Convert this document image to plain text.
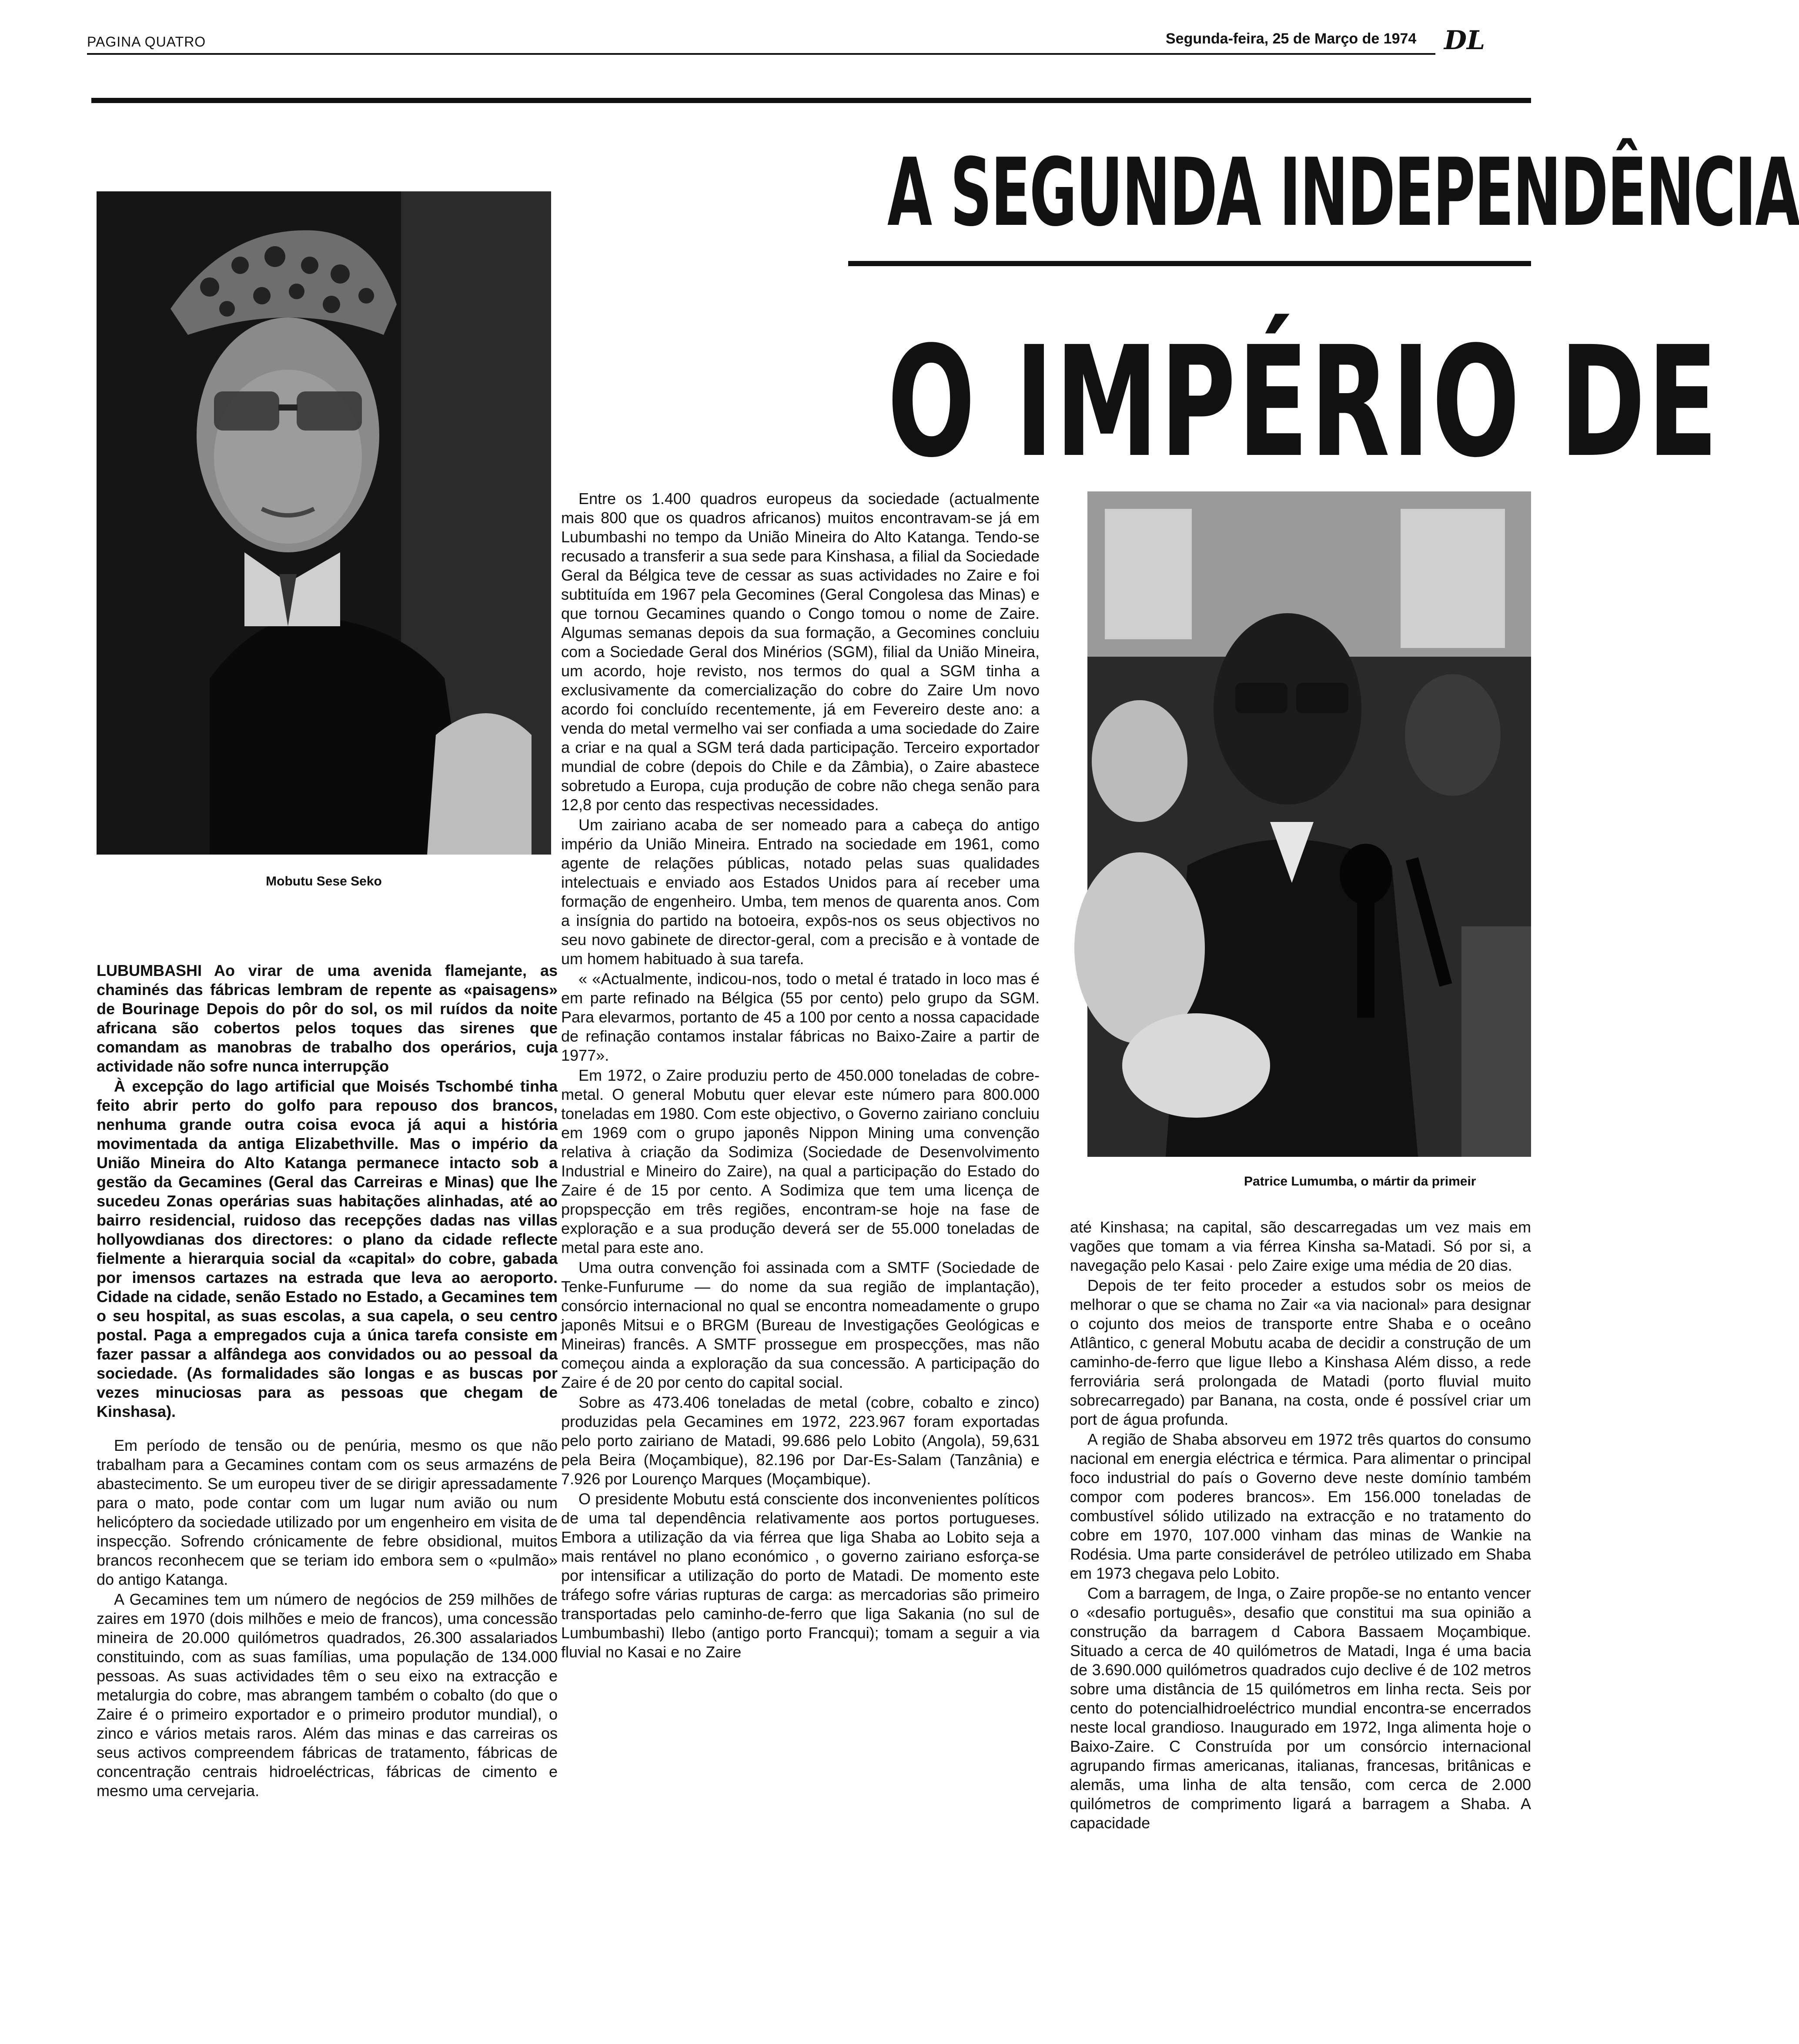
PAGINA QUATRO	Segunda-feira, 25 de Março de 1974 DL
A SEGUNDA INDEPENDÊNCIA
O IMPÉRIO DE
Mobutu Sese Seko
Patrice Lumumba, o mártir da primeir

LUBUMBASHI Ao virar de uma avenida flamejante, as chaminés das fábricas lembram de repente as «paisagens» de Bourinage Depois do pôr do sol, os mil ruídos da noite africana são cobertos pelos toques das sirenes que comandam as manobras de trabalho dos operários, cuja actividade não sofre nunca interrupção

À excepção do lago artificial que Moisés Tschombé tinha feito abrir perto do golfo para repouso dos brancos, nenhuma grande outra coisa evoca já aqui a história movimentada da antiga Elizabethville. Mas o império da União Mineira do Alto Katanga permanece intacto sob a gestão da Gecamines (Geral das Carreiras e Minas) que lhe sucedeu Zonas operárias suas habitações alinhadas, até ao bairro residencial, ruidoso das recepções dadas nas villas hollyowdianas dos directores: o plano da cidade reflecte fielmente a hierarquia social da «capital» do cobre, gabada por imensos cartazes na estrada que leva ao aeroporto. Cidade na cidade, senão Estado no Estado, a Gecamines tem o seu hospital, as suas escolas, a sua capela, o seu centro postal. Paga a empregados cuja a única tarefa consiste em fazer passar a alfândega aos convidados ou ao pessoal da sociedade. (As formalidades são longas e as buscas por vezes minuciosas para as pessoas que chegam de Kinshasa).

Em período de tensão ou de penúria, mesmo os que não trabalham para a Gecamines contam com os seus armazéns de abastecimento. Se um europeu tiver de se dirigir apressadamente para o mato, pode contar com um lugar num avião ou num helicóptero da sociedade utilizado por um engenheiro em visita de inspecção. Sofrendo crónicamente de febre obsidional, muitos brancos reconhecem que se teriam ido embora sem o «pulmão» do antigo Katanga.

A Gecamines tem um número de negócios de 259 milhões de zaires em 1970 (dois milhões e meio de francos), uma concessão mineira de 20.000 quilómetros quadrados, 26.300 assalariados constituindo, com as suas famílias, uma população de 134.000 pessoas. As suas actividades têm o seu eixo na extracção e metalurgia do cobre, mas abrangem também o cobalto (do que o Zaire é o primeiro exportador e o primeiro produtor mundial), o zinco e vários metais raros. Além das minas e das carreiras os seus activos compreendem fábricas de tratamento, fábricas de concentração centrais hidroeléctricas, fábricas de cimento e mesmo uma cervejaria.

Entre os 1.400 quadros europeus da sociedade (actualmente mais 800 que os quadros africanos) muitos encontravam-se já em Lubumbashi no tempo da União Mineira do Alto Katanga. Tendo-se recusado a transferir a sua sede para Kinshasa, a filial da Sociedade Geral da Bélgica teve de cessar as suas actividades no Zaire e foi subtituída em 1967 pela Gecomines (Geral Congolesa das Minas) e que tornou Gecamines quando o Congo tomou o nome de Zaire. Algumas semanas depois da sua formação, a Gecomines concluiu com a Sociedade Geral dos Minérios (SGM), filial da União Mineira, um acordo, hoje revisto, nos termos do qual a SGM tinha a exclusivamente da comercialização do cobre do Zaire Um novo acordo foi concluído recentemente, já em Fevereiro deste ano: a venda do metal vermelho vai ser confiada a uma sociedade do Zaire a criar e na qual a SGM terá dada participação. Terceiro exportador mundial de cobre (depois do Chile e da Zâmbia), o Zaire abastece sobretudo a Europa, cuja produção de cobre não chega senão para 12,8 por cento das respectivas necessidades.

Um zairiano acaba de ser nomeado para a cabeça do antigo império da União Mineira. Entrado na sociedade em 1961, como agente de relações públicas, notado pelas suas qualidades intelectuais e enviado aos Estados Unidos para aí receber uma formação de engenheiro. Umba, tem menos de quarenta anos. Com a insígnia do partido na botoeira, expôs-nos os seus objectivos no seu novo gabinete de director-geral, com a precisão e à vontade de um homem habituado à sua tarefa.

« «Actualmente, indicou-nos, todo o metal é tratado in loco mas é em parte refinado na Bélgica (55 por cento) pelo grupo da SGM. Para elevarmos, portanto de 45 a 100 por cento a nossa capacidade de refinação contamos instalar fábricas no Baixo-Zaire a partir de 1977».

Em 1972, o Zaire produziu perto de 450.000 toneladas de cobre-metal. O general Mobutu quer elevar este número para 800.000 toneladas em 1980. Com este objectivo, o Governo zairiano concluiu em 1969 com o grupo japonês Nippon Mining uma convenção relativa à criação da Sodimiza (Sociedade de Desenvolvimento Industrial e Mineiro do Zaire), na qual a participação do Estado do Zaire é de 15 por cento. A Sodimiza que tem uma licença de propspecção em três regiões, encontram-se hoje na fase de exploração e a sua produção deverá ser de 55.000 toneladas de metal para este ano.

Uma outra convenção foi assinada com a SMTF (Sociedade de Tenke-Funfurume — do nome da sua região de implantação), consórcio internacional no qual se encontra nomeadamente o grupo japonês Mitsui e o BRGM (Bureau de Investigações Geológicas e Mineiras) francês. A SMTF prossegue em prospecções, mas não começou ainda a exploração da sua concessão. A participação do Zaire é de 20 por cento do capital social.

Sobre as 473.406 toneladas de metal (cobre, cobalto e zinco) produzidas pela Gecamines em 1972, 223.967 foram exportadas pelo porto zairiano de Matadi, 99.686 pelo Lobito (Angola), 59,631 pela Beira (Moçambique), 82.196 por Dar-Es-Salam (Tanzânia) e 7.926 por Lourenço Marques (Moçambique).

O presidente Mobutu está consciente dos inconvenientes políticos de uma tal dependência relativamente aos portos portugueses. Embora a utilização da via férrea que liga Shaba ao Lobito seja a mais rentável no plano económico , o governo zairiano esforça-se por intensificar a utilização do porto de Matadi. De momento este tráfego sofre várias rupturas de carga: as mercadorias são primeiro transportadas pelo caminho-de-ferro que liga Sakania (no sul de Lumbumbashi) Ilebo (antigo porto Francqui); tomam a seguir a via fluvial no Kasai e no Zaire

até Kinshasa; na capital, são descarregadas um vez mais em vagões que tomam a via férrea Kinsha sa-Matadi. Só por si, a navegação pelo Kasai · pelo Zaire exige uma média de 20 dias.

Depois de ter feito proceder a estudos sobr os meios de melhorar o que se chama no Zair «a via nacional» para designar o cojunto dos meios de transporte entre Shaba e o oceâno Atlântico, c general Mobutu acaba de decidir a construção de um caminho-de-ferro que ligue Ilebo a Kinshasa Além disso, a rede ferroviária será prolongada de Matadi (porto fluvial muito sobrecarregado) par Banana, na costa, onde é possível criar um port de água profunda.

A região de Shaba absorveu em 1972 três quartos do consumo nacional em energia eléctrica e térmica. Para alimentar o principal foco industrial do país o Governo deve neste domínio também compor com poderes brancos». Em 156.000 toneladas de combustível sólido utilizado na extracção e no tratamento do cobre em 1970, 107.000 vinham das minas de Wankie na Rodésia. Uma parte considerável de petróleo utilizado em Shaba em 1973 chegava pelo Lobito.

Com a barragem, de Inga, o Zaire propõe-se no entanto vencer o «desafio português», desafio que constitui ma sua opinião a construção da barragem d Cabora Bassaem Moçambique. Situado a cerca de 40 quilómetros de Matadi, Inga é uma bacia de 3.690.000 quilómetros quadrados cujo declive é de 102 metros sobre uma distância de 15 quilómetros em linha recta. Seis por cento do potencialhidroeléctrico mundial encontra-se encerrados neste local grandioso. Inaugurado em 1972, Inga alimenta hoje o Baixo-Zaire. C Construída por um consórcio internacional agrupando firmas americanas, italianas, francesas, britânicas e alemãs, uma linha de alta tensão, com cerca de 2.000 quilómetros de comprimento ligará a barragem a Shaba. A capacidade
